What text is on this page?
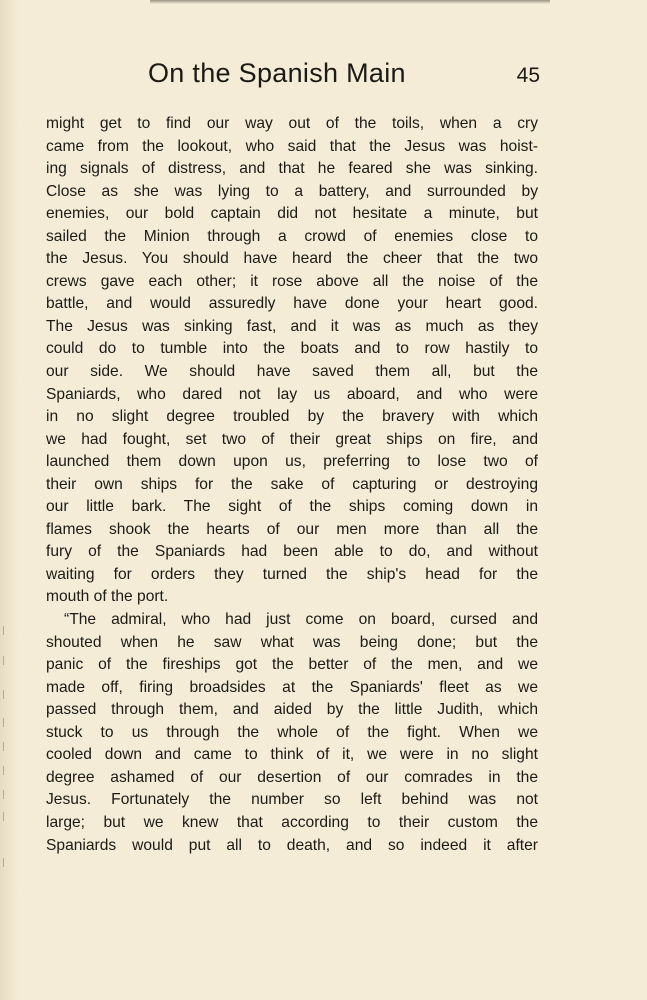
On the Spanish Main	45
might get to find our way out of the toils, when a cry
came from the lookout, who said that the Jesus was hoist-
ing signals of distress, and that he feared she was sinking.
Close as she was lying to a battery, and surrounded by
enemies, our bold captain did not hesitate a minute, but
sailed the Minion through a crowd of enemies close to
the Jesus. You should have heard the cheer that the two
crews gave each other; it rose above all the noise of the
battle, and would assuredly have done your heart good.
The Jesus was sinking fast, and it was as much as they
could do to tumble into the boats and to row hastily to
our side. We should have saved them all, but the
Spaniards, who dared not lay us aboard, and who were
in no slight degree troubled by the bravery with which
we had fought, set two of their great ships on fire, and
launched them down upon us, preferring to lose two of
their own ships for the sake of capturing or destroying
our little bark. The sight of the ships coming down in
flames shook the hearts of our men more than all the
fury of the Spaniards had been able to do, and without
waiting for orders they turned the ship's head for the
mouth of the port.
“The admiral, who had just come on board, cursed and
shouted when he saw what was being done; but the
panic of the fireships got the better of the men, and we
made off, firing broadsides at the Spaniards' fleet as we
passed through them, and aided by the little Judith, which
stuck to us through the whole of the fight. When we
cooled down and came to think of it, we were in no slight
degree ashamed of our desertion of our comrades in the
Jesus. Fortunately the number so left behind was not
large; but we knew that according to their custom the
Spaniards would put all to death, and so indeed it after
